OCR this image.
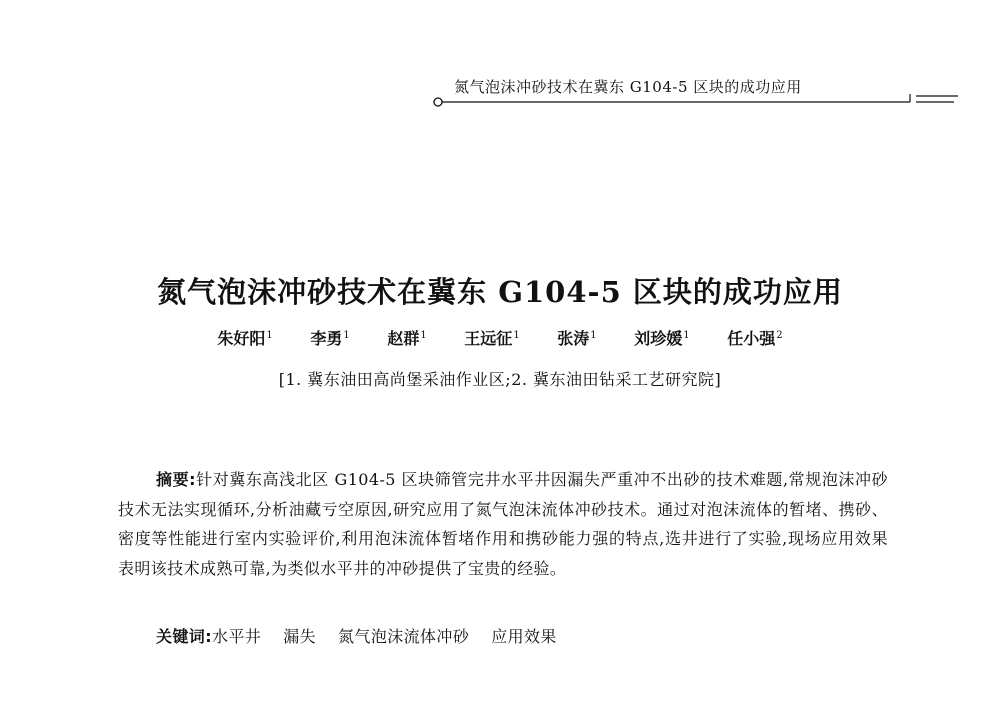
氮气泡沫冲砂技术在冀东 G104-5 区块的成功应用
氮气泡沫冲砂技术在冀东 G104-5 区块的成功应用
朱好阳$^1$ 李勇$^1$ 赵群$^1$ 王远征$^1$ 张涛$^1$ 刘珍媛$^1$ 任小强$^2$
[1. 冀东油田高尚堡采油作业区;2. 冀东油田钻采工艺研究院]
摘要:针对冀东高浅北区 G104-5 区块筛管完井水平井因漏失严重冲不出砂的技术难题,常规泡沫冲砂技术无法实现循环,分析油藏亏空原因,研究应用了氮气泡沫流体冲砂技术。通过对泡沫流体的暂堵、携砂、密度等性能进行室内实验评价,利用泡沫流体暂堵作用和携砂能力强的特点,选井进行了实验,现场应用效果表明该技术成熟可靠,为类似水平井的冲砂提供了宝贵的经验。
关键词:水平井 漏失 氮气泡沫流体冲砂 应用效果
